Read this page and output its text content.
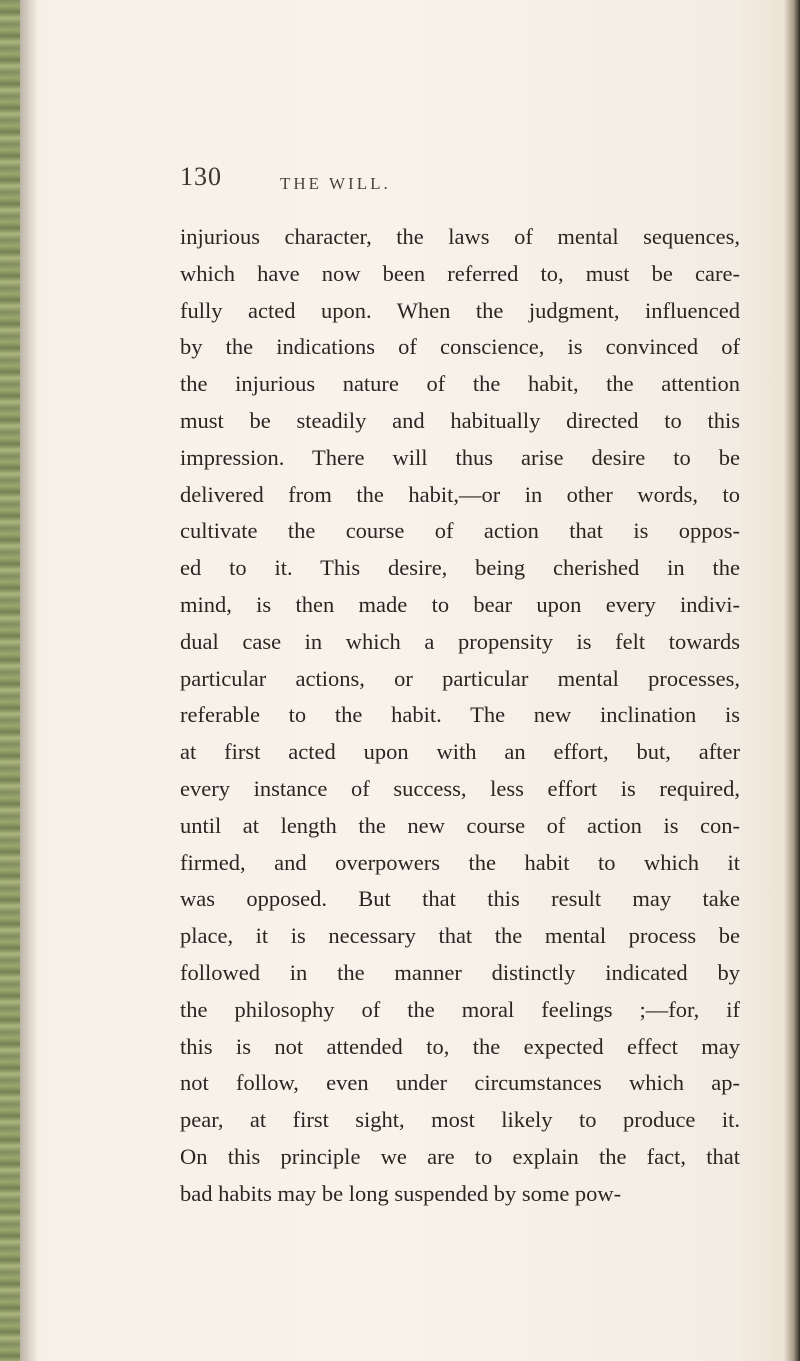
130	THE WILL.
injurious character, the laws of mental sequences,
which have now been referred to, must be care-
fully acted upon. When the judgment, influenced
by the indications of conscience, is convinced of
the injurious nature of the habit, the attention
must be steadily and habitually directed to this
impression. There will thus arise desire to be
delivered from the habit,—or in other words, to
cultivate the course of action that is oppos-
ed to it. This desire, being cherished in the
mind, is then made to bear upon every indivi-
dual case in which a propensity is felt towards
particular actions, or particular mental processes,
referable to the habit. The new inclination is
at first acted upon with an effort, but, after
every instance of success, less effort is required,
until at length the new course of action is con-
firmed, and overpowers the habit to which it
was opposed. But that this result may take
place, it is necessary that the mental process be
followed in the manner distinctly indicated by
the philosophy of the moral feelings ;—for, if
this is not attended to, the expected effect may
not follow, even under circumstances which ap-
pear, at first sight, most likely to produce it.
On this principle we are to explain the fact, that
bad habits may be long suspended by some pow-
